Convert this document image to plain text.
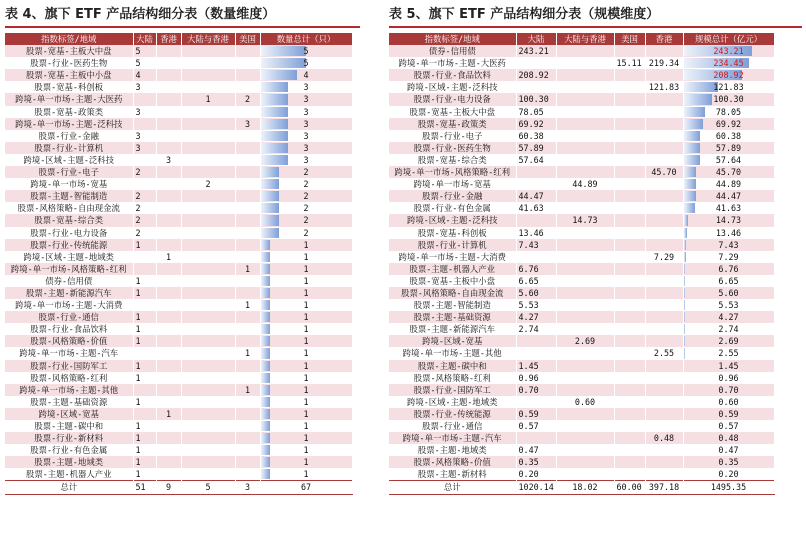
表 4、旗下 ETF 产品结构细分表（数量维度）
指数标签/地域	大陆	香港	大陆与香港	美国	数量总计（只）
股票-宽基-主板大中盘	5				5

股票-行业-医药生物	5				5

股票-宽基-主板中小盘	4				4

股票-宽基-科创板	3				3

跨境-单一市场-主题-大医药			1	2	3

股票-宽基-政策类	3				3

跨境-单一市场-主题-泛科技				3	3

股票-行业-金融	3				3

股票-行业-计算机	3				3

跨境-区域-主题-泛科技		3			3

股票-行业-电子	2				2

跨境-单一市场-宽基			2		2

股票-主题-智能制造	2				2

股票-风格策略-自由现金流	2				2

股票-宽基-综合类	2				2

股票-行业-电力设备	2				2

股票-行业-传统能源	1				1

跨境-区域-主题-地域类		1			1

跨境-单一市场-风格策略-红利				1	1

债券-信用债	1				1

股票-主题-新能源汽车	1				1

跨境-单一市场-主题-大消费				1	1

股票-行业-通信	1				1

股票-行业-食品饮料	1				1

股票-风格策略-价值	1				1

跨境-单一市场-主题-汽车				1	1

股票-行业-国防军工	1				1

股票-风格策略-红利	1				1

跨境-单一市场-主题-其他				1	1

股票-主题-基础资源	1				1

跨境-区域-宽基		1			1

股票-主题-碳中和	1				1

股票-行业-新材料	1				1

股票-行业-有色金属	1				1

股票-主题-地域类	1				1

股票-主题-机器人产业	1				1

总计	51	9	5	3	67
表 5、旗下 ETF 产品结构细分表（规模维度）
指数标签/地域	大陆	大陆与香港	美国	香港	规模总计（亿元）
债券-信用债	243.21				243.21

跨境-单一市场-主题-大医药			15.11	219.34	234.45

股票-行业-食品饮料	208.92				208.92

跨境-区域-主题-泛科技				121.83	121.83

股票-行业-电力设备	100.30				100.30

股票-宽基-主板大中盘	78.05				78.05

股票-宽基-政策类	69.92				69.92

股票-行业-电子	60.38				60.38

股票-行业-医药生物	57.89				57.89

股票-宽基-综合类	57.64				57.64

跨境-单一市场-风格策略-红利				45.70	45.70

跨境-单一市场-宽基		44.89			44.89

股票-行业-金融	44.47				44.47

股票-行业-有色金属	41.63				41.63

跨境-区域-主题-泛科技		14.73			14.73

股票-宽基-科创板	13.46				13.46

股票-行业-计算机	7.43				7.43

跨境-单一市场-主题-大消费				7.29	7.29

股票-主题-机器人产业	6.76				6.76

股票-宽基-主板中小盘	6.65				6.65

股票-风格策略-自由现金流	5.60				5.60

股票-主题-智能制造	5.53				5.53

股票-主题-基础资源	4.27				4.27

股票-主题-新能源汽车	2.74				2.74

跨境-区域-宽基		2.69			2.69

跨境-单一市场-主题-其他				2.55	2.55

股票-主题-碳中和	1.45				1.45

股票-风格策略-红利	0.96				0.96

股票-行业-国防军工	0.70				0.70

跨境-区域-主题-地域类		0.60			0.60

股票-行业-传统能源	0.59				0.59

股票-行业-通信	0.57				0.57

跨境-单一市场-主题-汽车				0.48	0.48

股票-主题-地域类	0.47				0.47

股票-风格策略-价值	0.35				0.35

股票-主题-新材料	0.20				0.20

总计	1020.14	18.02	60.00	397.18	1495.35
